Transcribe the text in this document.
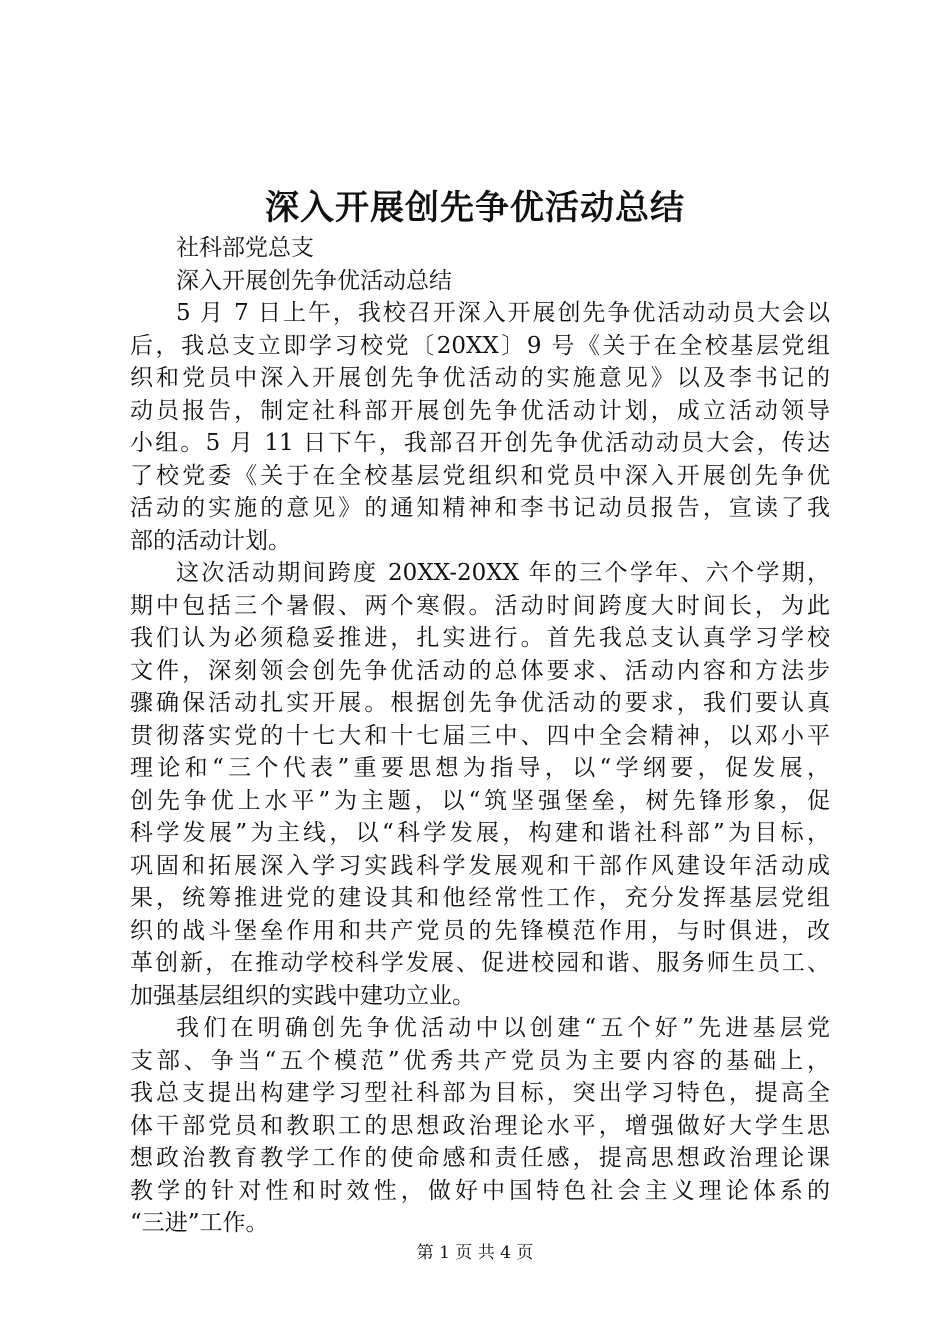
深入开展创先争优活动总结
社科部党总支
深入开展创先争优活动总结
5 月 7 日上午，我校召开深入开展创先争优活动动员大会以
后，我总支立即学习校党〔20XX〕9 号《关于在全校基层党组
织和党员中深入开展创先争优活动的实施意见》以及李书记的
动员报告，制定社科部开展创先争优活动计划，成立活动领导
小组。5 月 11 日下午，我部召开创先争优活动动员大会，传达
了校党委《关于在全校基层党组织和党员中深入开展创先争优
活动的实施的意见》的通知精神和李书记动员报告，宣读了我
部的活动计划。
这次活动期间跨度 20XX-20XX 年的三个学年、六个学期，
期中包括三个暑假、两个寒假。活动时间跨度大时间长，为此
我们认为必须稳妥推进，扎实进行。首先我总支认真学习学校
文件，深刻领会创先争优活动的总体要求、活动内容和方法步
骤确保活动扎实开展。根据创先争优活动的要求，我们要认真
贯彻落实党的十七大和十七届三中、四中全会精神，以邓小平
理论和“三个代表”重要思想为指导，以“学纲要，促发展，
创先争优上水平”为主题，以“筑坚强堡垒，树先锋形象，促
科学发展”为主线，以“科学发展，构建和谐社科部”为目标，
巩固和拓展深入学习实践科学发展观和干部作风建设年活动成
果，统筹推进党的建设其和他经常性工作，充分发挥基层党组
织的战斗堡垒作用和共产党员的先锋模范作用，与时俱进，改
革创新，在推动学校科学发展、促进校园和谐、服务师生员工、
加强基层组织的实践中建功立业。
我们在明确创先争优活动中以创建“五个好”先进基层党
支部、争当“五个模范”优秀共产党员为主要内容的基础上，
我总支提出构建学习型社科部为目标，突出学习特色，提高全
体干部党员和教职工的思想政治理论水平，增强做好大学生思
想政治教育教学工作的使命感和责任感，提高思想政治理论课
教学的针对性和时效性，做好中国特色社会主义理论体系的
“三进”工作。
第 1 页 共 4 页
